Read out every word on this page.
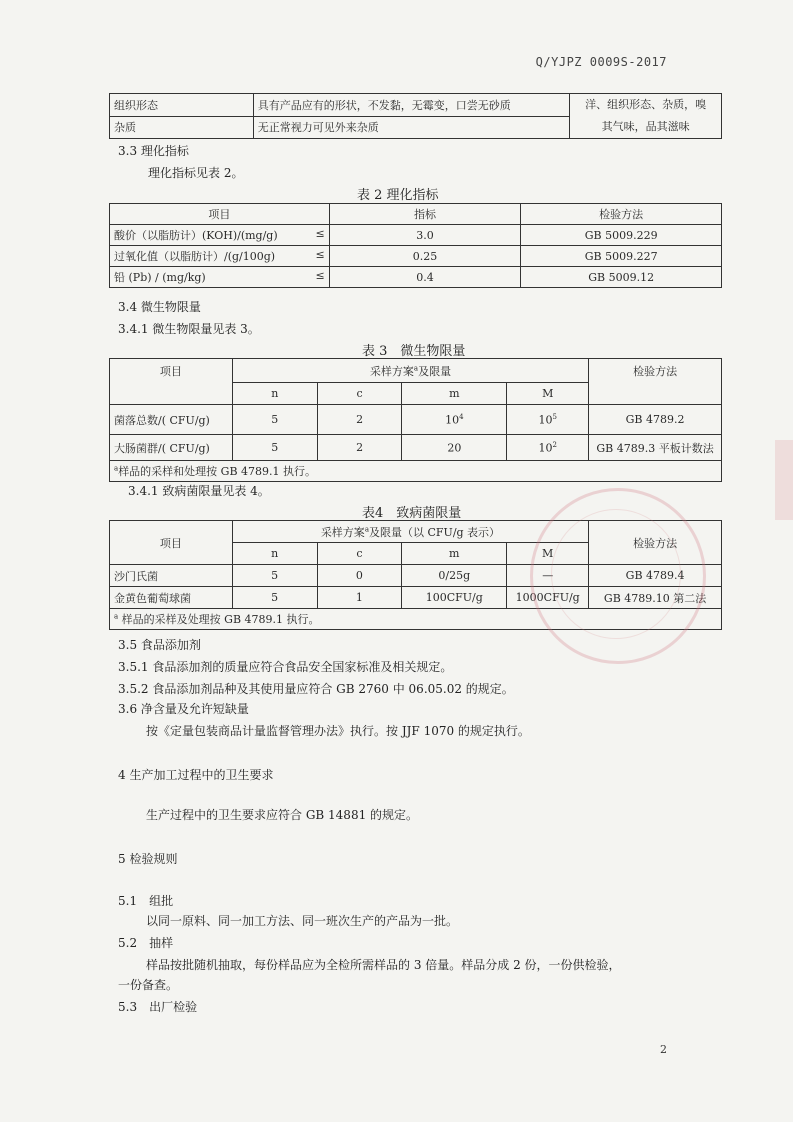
Q/YJPZ 0009S-2017
组织形态	具有产品应有的形状，不发黏，无霉变，口尝无砂质	洋、组织形态、杂质，嗅
其气味，品其滋味

杂质	无正常视力可见外来杂质	
3.3 理化指标
理化指标见表 2。
表 2 理化指标
项目	指标	检验方法
酸价（以脂肪计）(KOH)/(mg/g) ≤	3.0	GB 5009.229
过氧化值（以脂肪计）/(g/100g) ≤	0.25	GB 5009.227
铅 (Pb) / (mg/kg) ≤	0.4	GB 5009.12
3.4 微生物限量
3.4.1 微生物限量见表 3。
表 3　微生物限量
项目	采样方案$^a$及限量				检验方法
	n	c	m	M	
菌落总数/( CFU/g)	5	2	$10^4$	$10^5$	GB 4789.2
大肠菌群/( CFU/g)	5	2	20	$10^2$	GB 4789.3 平板计数法
$^a$样品的采样和处理按 GB 4789.1 执行。					
3.4.1 致病菌限量见表 4。
表4　致病菌限量
项目	采样方案$^a$及限量（以 CFU/g 表示）				检验方法
	n	c	m	M	
沙门氏菌	5	0	0/25g	—	GB 4789.4
金黄色葡萄球菌	5	1	100CFU/g	1000CFU/g	GB 4789.10 第二法
$^a$ 样品的采样及处理按 GB 4789.1 执行。					
3.5 食品添加剂
3.5.1 食品添加剂的质量应符合食品安全国家标准及相关规定。
3.5.2 食品添加剂品种及其使用量应符合 GB 2760 中 06.05.02 的规定。
3.6 净含量及允许短缺量
按《定量包装商品计量监督管理办法》执行。按 JJF 1070 的规定执行。
4 生产加工过程中的卫生要求
生产过程中的卫生要求应符合 GB 14881 的规定。
5 检验规则
5.1　组批
以同一原料、同一加工方法、同一班次生产的产品为一批。
5.2　抽样
样品按批随机抽取，每份样品应为全检所需样品的 3 倍量。样品分成 2 份，一份供检验，
一份备查。
5.3　出厂检验
2
